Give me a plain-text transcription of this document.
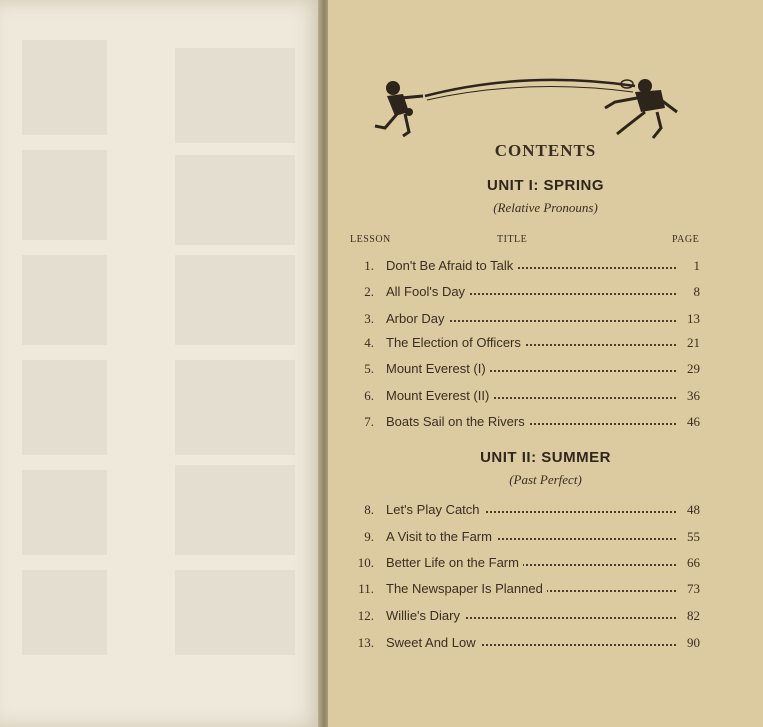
CONTENTS
LESSON	TITLE	PAGE
UNIT I: SPRING
(Relative Pronouns)
UNIT II: SUMMER
(Past Perfect)
1. Don't Be Afraid to Talk	1
2. All Fool's Day	8
3. Arbor Day	13
4. The Election of Officers	21
5. Mount Everest (I)	29
6. Mount Everest (II)	36
7. Boats Sail on the Rivers	46
8. Let's Play Catch	48
9. A Visit to the Farm	55
10. Better Life on the Farm	66
11. The Newspaper Is Planned	73
12. Willie's Diary	82
13. Sweet And Low	90
